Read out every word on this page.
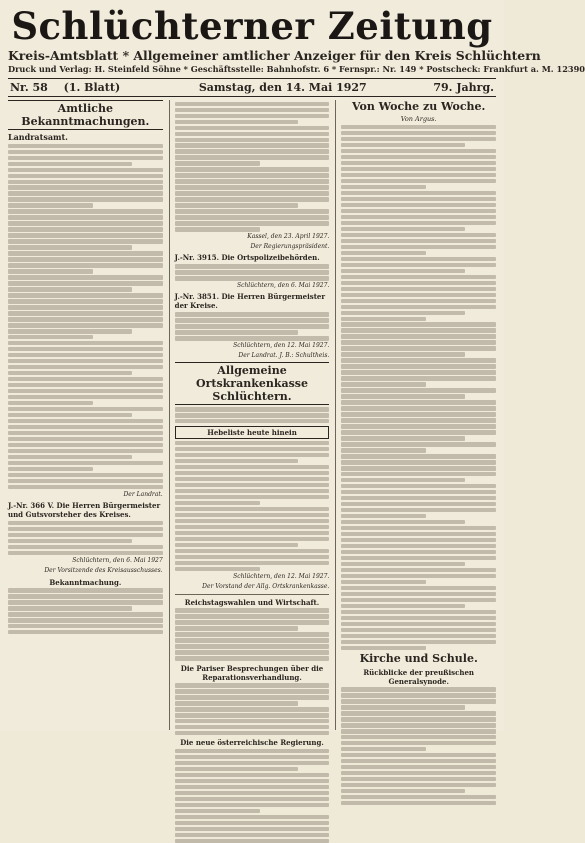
Schlüchterner Zeitung
Kreis-Amtsblatt * Allgemeiner amtlicher Anzeiger für den Kreis Schlüchtern
Druck und Verlag: H. Steinfeld Söhne * Geschäftsstelle: Bahnhofstr. 6 * Fernspr.: Nr. 149 * Postscheck: Frankfurt a. M. 12390
Nr. 58 (1. Blatt)	Samstag, den 14. Mai 1927	79. Jahrg.
Amtliche Bekanntmachungen.
Landratsamt.
Der Landrat.
J.-Nr. 366 V. Die Herren Bürgermeister und Gutsvorsteher des Kreises.
Schlüchtern, den 6. Mai 1927
Der Vorsitzende des Kreisausschusses.
Bekanntmachung.
Kassel, den 23. April 1927.
Der Regierungspräsident.
J.-Nr. 3915. Die Ortspolizeibehörden.
Schlüchtern, den 6. Mai 1927.
J.-Nr. 3851. Die Herren Bürgermeister der Kreise.
Schlüchtern, den 12. Mai 1927.
Der Landrat. J. B.: Schultheis.
Allgemeine Ortskrankenkasse Schlüchtern.
Hebeliste heute hinein
Schlüchtern, den 12. Mai 1927.
Der Vorstand der Allg. Ortskrankenkasse.
Reichstagswahlen und Wirtschaft.
Die Pariser Besprechungen über die Reparationsverhandlung.
Die neue österreichische Regierung.
Von Woche zu Woche.
Von Argus.
Kirche und Schule.
Rückblicke der preußischen Generalsynode.
